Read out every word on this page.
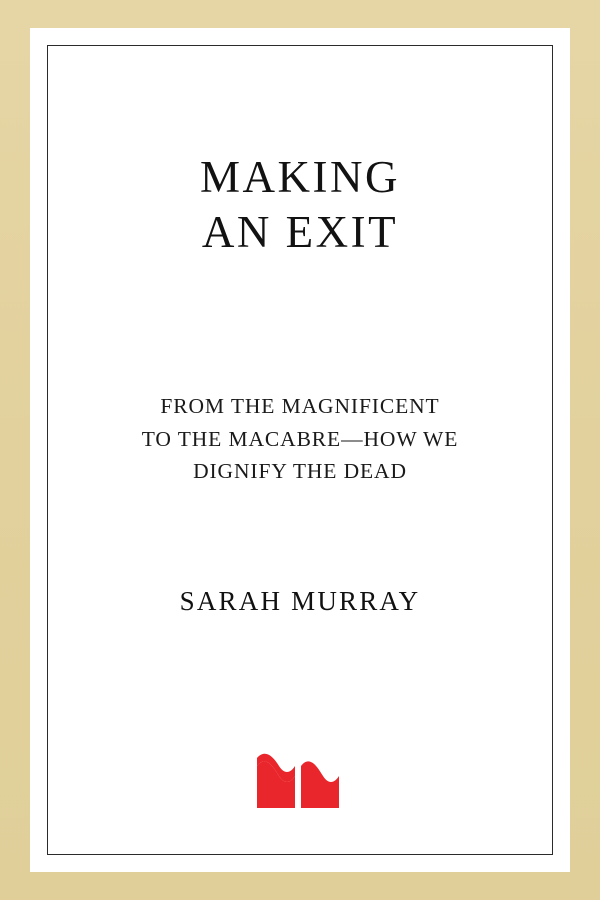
MAKING
AN EXIT
FROM THE MAGNIFICENT
TO THE MACABRE—HOW WE
DIGNIFY THE DEAD
SARAH MURRAY
